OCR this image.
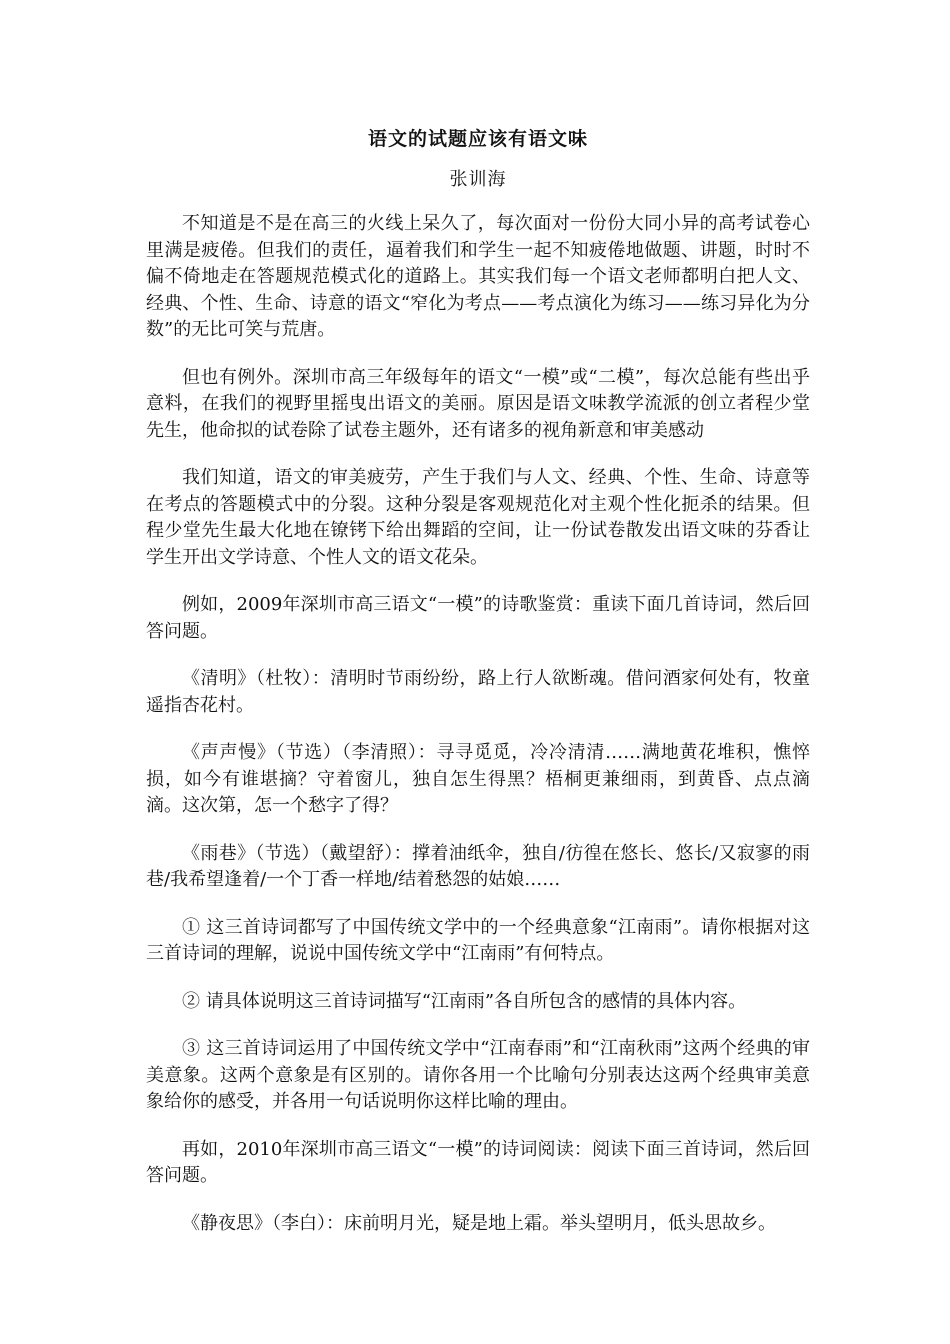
语文的试题应该有语文味
张训海

不知道是不是在高三的火线上呆久了，每次面对一份份大同小异的高考试卷心里满是疲倦。但我们的责任，逼着我们和学生一起不知疲倦地做题、讲题，时时不偏不倚地走在答题规范模式化的道路上。其实我们每一个语文老师都明白把人文、经典、个性、生命、诗意的语文“窄化为考点——考点演化为练习——练习异化为分数”的无比可笑与荒唐。

但也有例外。深圳市高三年级每年的语文“一模”或“二模”，每次总能有些出乎意料，在我们的视野里摇曳出语文的美丽。原因是语文味教学流派的创立者程少堂先生，他命拟的试卷除了试卷主题外，还有诸多的视角新意和审美感动

我们知道，语文的审美疲劳，产生于我们与人文、经典、个性、生命、诗意等在考点的答题模式中的分裂。这种分裂是客观规范化对主观个性化扼杀的结果。但程少堂先生最大化地在镣铐下给出舞蹈的空间，让一份试卷散发出语文味的芬香让学生开出文学诗意、个性人文的语文花朵。

例如，2009年深圳市高三语文“一模”的诗歌鉴赏：重读下面几首诗词，然后回答问题。

《清明》（杜牧）：清明时节雨纷纷，路上行人欲断魂。借问酒家何处有，牧童遥指杏花村。

《声声慢》（节选）（李清照）：寻寻觅觅，冷冷清清……满地黄花堆积，憔悴损，如今有谁堪摘？守着窗儿，独自怎生得黑？梧桐更兼细雨，到黄昏、点点滴滴。这次第，怎一个愁字了得？

《雨巷》（节选）（戴望舒）：撑着油纸伞，独自/彷徨在悠长、悠长/又寂寥的雨巷/我希望逢着/一个丁香一样地/结着愁怨的姑娘……

① 这三首诗词都写了中国传统文学中的一个经典意象“江南雨”。请你根据对这三首诗词的理解，说说中国传统文学中“江南雨”有何特点。

② 请具体说明这三首诗词描写“江南雨”各自所包含的感情的具体内容。

③ 这三首诗词运用了中国传统文学中“江南春雨”和“江南秋雨”这两个经典的审美意象。这两个意象是有区别的。请你各用一个比喻句分别表达这两个经典审美意象给你的感受，并各用一句话说明你这样比喻的理由。

再如，2010年深圳市高三语文“一模”的诗词阅读：阅读下面三首诗词，然后回答问题。

《静夜思》（李白）：床前明月光，疑是地上霜。举头望明月，低头思故乡。
